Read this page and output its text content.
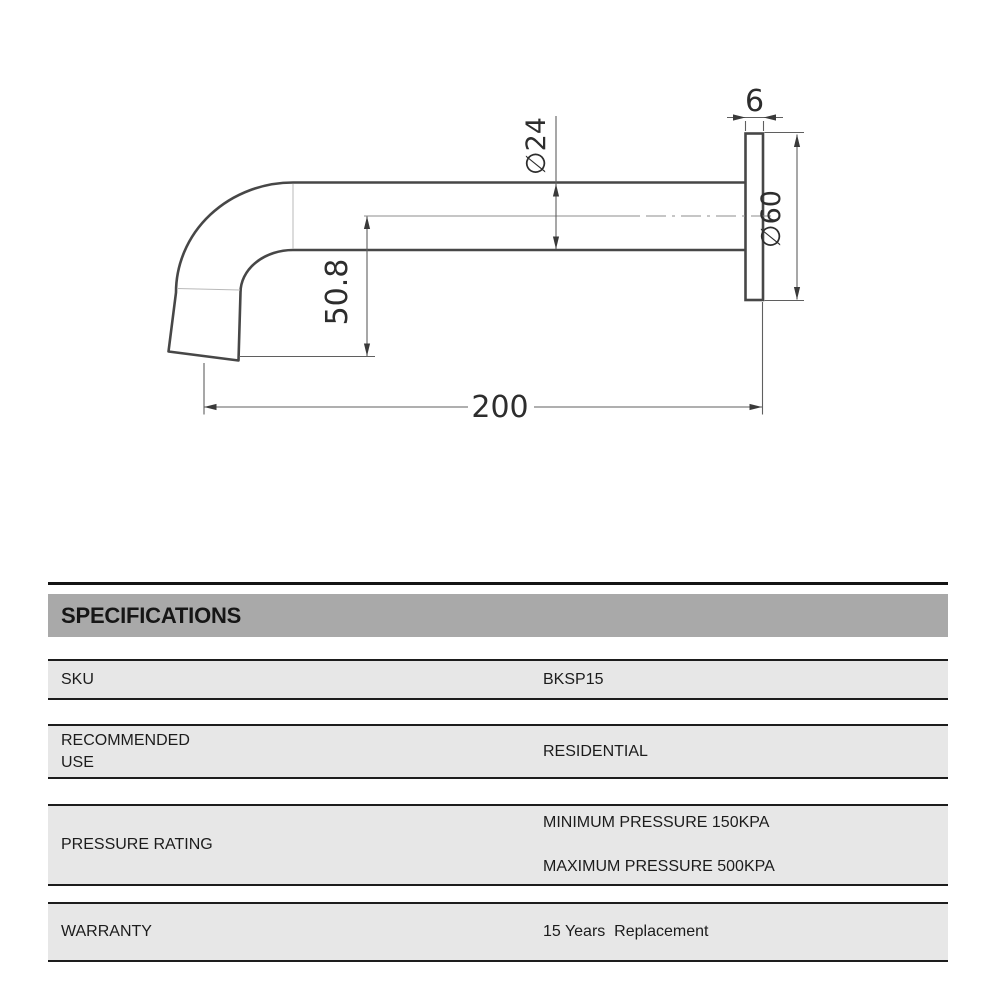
6
∅24
∅60
50.8
200
SPECIFICATIONS
SKU	BKSP15
RECOMMENDED USE
RESIDENTIAL
PRESSURE RATING
MINIMUM PRESSURE 150KPA
MAXIMUM PRESSURE 500KPA
WARRANTY	15 Years  Replacement
